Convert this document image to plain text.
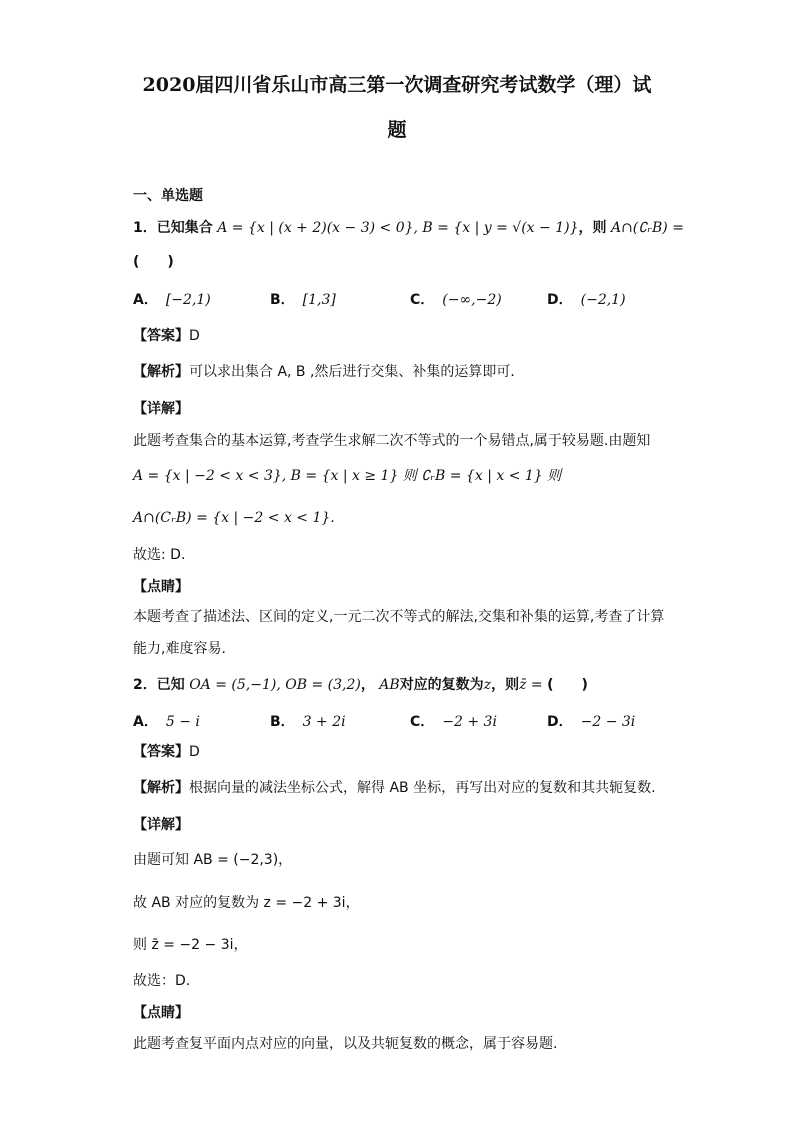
2020届四川省乐山市高三第一次调查研究考试数学（理）试
题
一、单选题
1．已知集合 A = {x | (x + 2)(x − 3) < 0}, B = {x | y = √(x − 1)}，则 A∩(∁ᵣB) =
(　　)
A． [−2,1)	B． [1,3]	C． (−∞,−2)	D． (−2,1)
【答案】D
【解析】可以求出集合 A, B ,然后进行交集、补集的运算即可．
【详解】
此题考查集合的基本运算,考查学生求解二次不等式的一个易错点,属于较易题.由题知
A = {x | −2 < x < 3}, B = {x | x ≥ 1} 则 ∁ᵣB = {x | x < 1} 则
A∩(CᵣB) = {x | −2 < x < 1}.
故选: D.
【点睛】
本题考查了描述法、区间的定义,一元二次不等式的解法,交集和补集的运算,考查了计算
能力,难度容易．
2．已知 OA = (5,−1), OB = (3,2)， AB对应的复数为z，则z̄ = (　　)
A． 5 − i	B． 3 + 2i	C． −2 + 3i	D． −2 − 3i
【答案】D
【解析】根据向量的减法坐标公式，解得 AB 坐标，再写出对应的复数和其共轭复数.
【详解】
由题可知 AB = (−2,3)，
故 AB 对应的复数为 z = −2 + 3i，
则 z̄ = −2 − 3i，
故选：D.
【点睛】
此题考查复平面内点对应的向量，以及共轭复数的概念，属于容易题.
